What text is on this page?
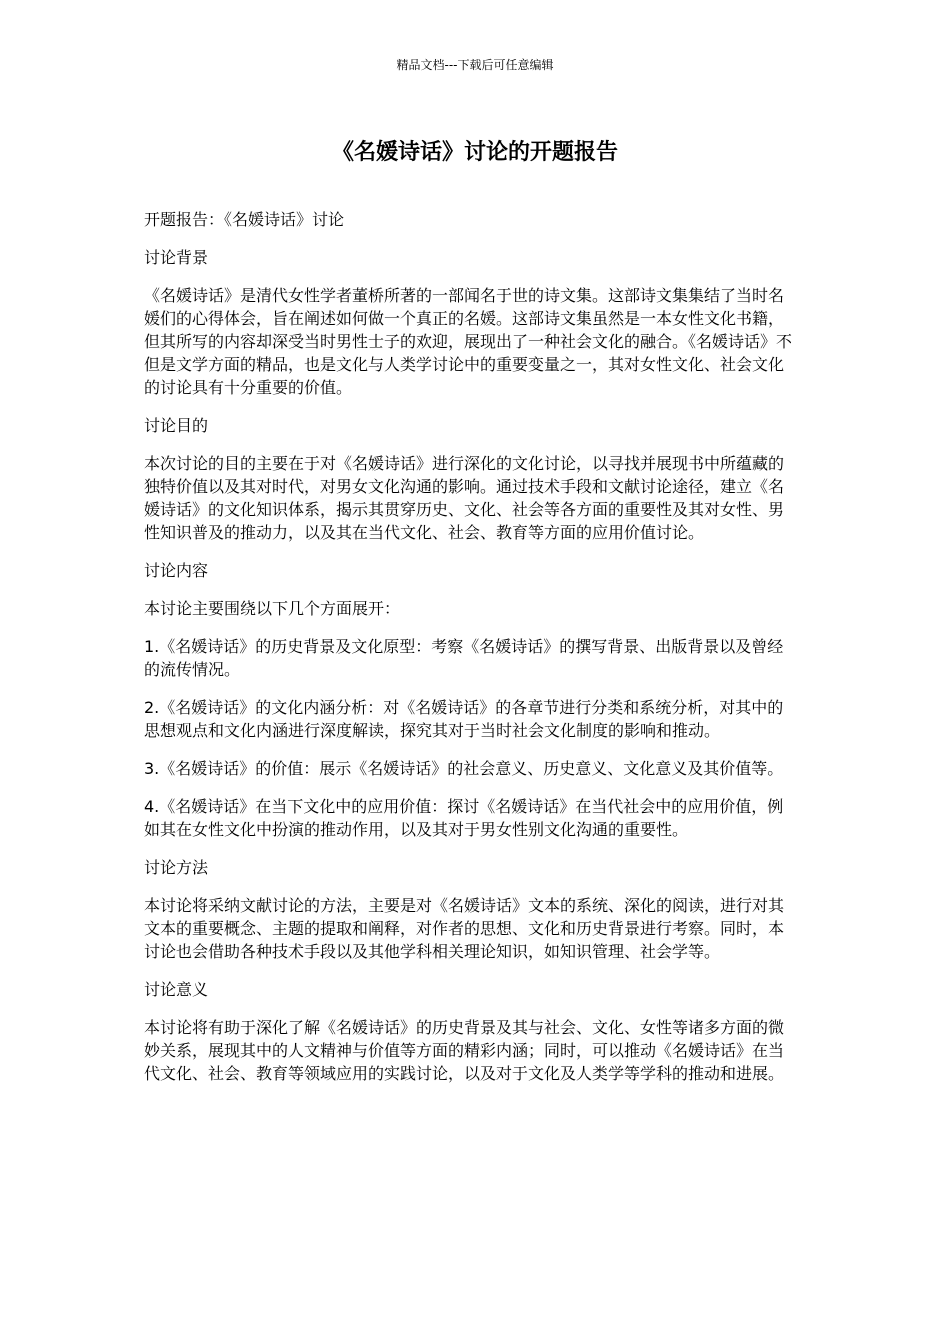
精品文档---下载后可任意编辑
《名媛诗话》讨论的开题报告

开题报告：《名媛诗话》讨论

讨论背景

《名媛诗话》是清代女性学者董桥所著的一部闻名于世的诗文集。这部诗文集集结了当时名媛们的心得体会，旨在阐述如何做一个真正的名媛。这部诗文集虽然是一本女性文化书籍，但其所写的内容却深受当时男性士子的欢迎，展现出了一种社会文化的融合。《名媛诗话》不但是文学方面的精品，也是文化与人类学讨论中的重要变量之一，其对女性文化、社会文化的讨论具有十分重要的价值。

讨论目的

本次讨论的目的主要在于对《名媛诗话》进行深化的文化讨论，以寻找并展现书中所蕴藏的独特价值以及其对时代，对男女文化沟通的影响。通过技术手段和文献讨论途径，建立《名媛诗话》的文化知识体系，揭示其贯穿历史、文化、社会等各方面的重要性及其对女性、男性知识普及的推动力，以及其在当代文化、社会、教育等方面的应用价值讨论。

讨论内容

本讨论主要围绕以下几个方面展开：

1.《名媛诗话》的历史背景及文化原型：考察《名媛诗话》的撰写背景、出版背景以及曾经的流传情况。

2.《名媛诗话》的文化内涵分析：对《名媛诗话》的各章节进行分类和系统分析，对其中的思想观点和文化内涵进行深度解读，探究其对于当时社会文化制度的影响和推动。

3.《名媛诗话》的价值：展示《名媛诗话》的社会意义、历史意义、文化意义及其价值等。

4.《名媛诗话》在当下文化中的应用价值：探讨《名媛诗话》在当代社会中的应用价值，例如其在女性文化中扮演的推动作用，以及其对于男女性别文化沟通的重要性。

讨论方法

本讨论将采纳文献讨论的方法，主要是对《名媛诗话》文本的系统、深化的阅读，进行对其文本的重要概念、主题的提取和阐释，对作者的思想、文化和历史背景进行考察。同时，本讨论也会借助各种技术手段以及其他学科相关理论知识，如知识管理、社会学等。

讨论意义

本讨论将有助于深化了解《名媛诗话》的历史背景及其与社会、文化、女性等诸多方面的微妙关系，展现其中的人文精神与价值等方面的精彩内涵；同时，可以推动《名媛诗话》在当代文化、社会、教育等领域应用的实践讨论，以及对于文化及人类学等学科的推动和进展。
